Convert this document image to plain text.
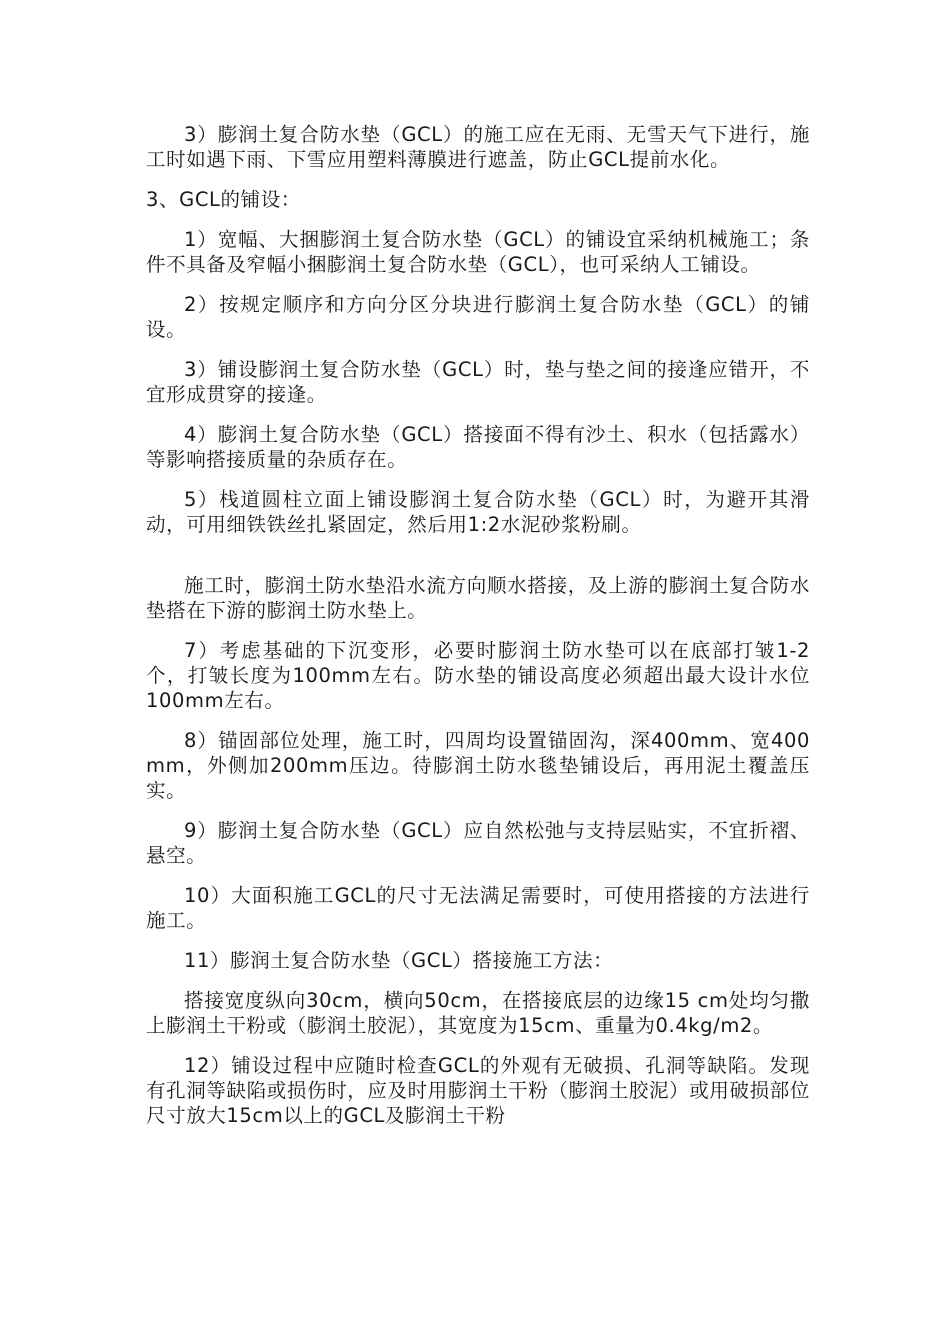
3）膨润土复合防水垫（GCL）的施工应在无雨、无雪天气下进行，施工时如遇下雨、下雪应用塑料薄膜进行遮盖，防止GCL提前水化。

3、GCL的铺设：

1）宽幅、大捆膨润土复合防水垫（GCL）的铺设宜采纳机械施工；条件不具备及窄幅小捆膨润土复合防水垫（GCL），也可采纳人工铺设。

2）按规定顺序和方向分区分块进行膨润土复合防水垫（GCL）的铺设。

3）铺设膨润土复合防水垫（GCL）时，垫与垫之间的接逢应错开，不宜形成贯穿的接逢。

4）膨润土复合防水垫（GCL）搭接面不得有沙土、积水（包括露水）等影响搭接质量的杂质存在。

5）栈道圆柱立面上铺设膨润土复合防水垫（GCL）时，为避开其滑动，可用细铁铁丝扎紧固定，然后用1:2水泥砂浆粉刷。

施工时，膨润土防水垫沿水流方向顺水搭接，及上游的膨润土复合防水垫搭在下游的膨润土防水垫上。

7）考虑基础的下沉变形，必要时膨润土防水垫可以在底部打皱1-2个，打皱长度为100mm左右。防水垫的铺设高度必须超出最大设计水位100mm左右。

8）锚固部位处理，施工时，四周均设置锚固沟，深400mm、宽400 mm，外侧加200mm压边。待膨润土防水毯垫铺设后，再用泥土覆盖压实。

9）膨润土复合防水垫（GCL）应自然松弛与支持层贴实，不宜折褶、悬空。

10）大面积施工GCL的尺寸无法满足需要时，可使用搭接的方法进行施工。

11）膨润土复合防水垫（GCL）搭接施工方法：

搭接宽度纵向30cm，横向50cm，在搭接底层的边缘15 cm处均匀撒上膨润土干粉或（膨润土胶泥），其宽度为15cm、重量为0.4kg/m2。

12）铺设过程中应随时检查GCL的外观有无破损、孔洞等缺陷。发现有孔洞等缺陷或损伤时，应及时用膨润土干粉（膨润土胶泥）或用破损部位尺寸放大15cm以上的GCL及膨润土干粉
